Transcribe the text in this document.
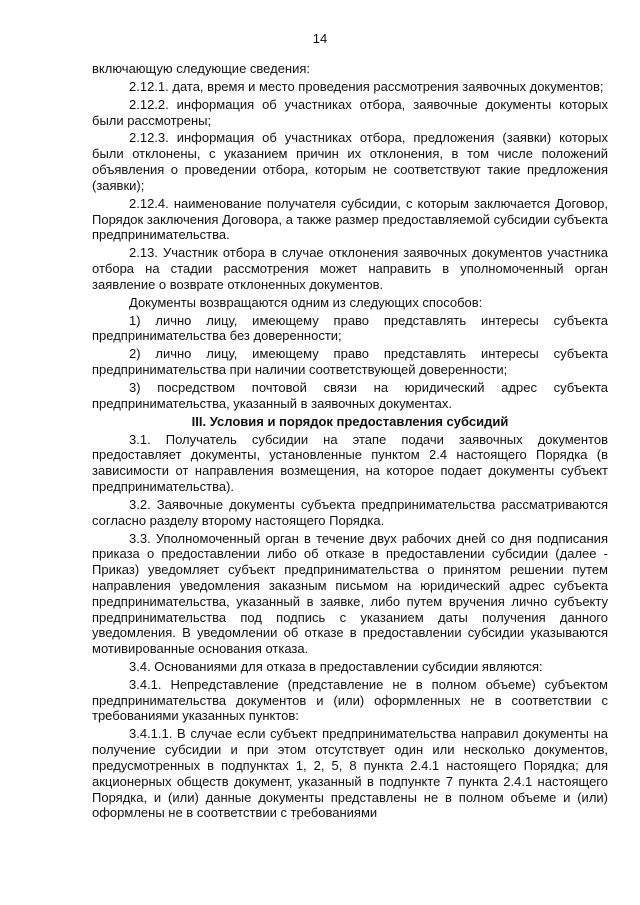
14

включающую следующие сведения:

2.12.1. дата, время и место проведения рассмотрения заявочных документов;

2.12.2. информация об участниках отбора, заявочные документы которых были рассмотрены;

2.12.3. информация об участниках отбора, предложения (заявки) которых были отклонены, с указанием причин их отклонения, в том числе положений объявления о проведении отбора, которым не соответствуют такие предложения (заявки);

2.12.4. наименование получателя субсидии, с которым заключается Договор, Порядок заключения Договора, а также размер предоставляемой субсидии субъекта предпринимательства.

2.13. Участник отбора в случае отклонения заявочных документов участника отбора на стадии рассмотрения может направить в уполномоченный орган заявление о возврате отклоненных документов.

Документы возвращаются одним из следующих способов:

1) лично лицу, имеющему право представлять интересы субъекта предпринимательства без доверенности;

2) лично лицу, имеющему право представлять интересы субъекта предпринимательства при наличии соответствующей доверенности;

3) посредством почтовой связи на юридический адрес субъекта предпринимательства, указанный в заявочных документах.

III. Условия и порядок предоставления субсидий

3.1. Получатель субсидии на этапе подачи заявочных документов предоставляет документы, установленные пунктом 2.4 настоящего Порядка (в зависимости от направления возмещения, на которое подает документы субъект предпринимательства).

3.2. Заявочные документы субъекта предпринимательства рассматриваются согласно разделу второму настоящего Порядка.

3.3. Уполномоченный орган в течение двух рабочих дней со дня подписания приказа о предоставлении либо об отказе в предоставлении субсидии (далее - Приказ) уведомляет субъект предпринимательства о принятом решении путем направления уведомления заказным письмом на юридический адрес субъекта предпринимательства, указанный в заявке, либо путем вручения лично субъекту предпринимательства под подпись с указанием даты получения данного уведомления. В уведомлении об отказе в предоставлении субсидии указываются мотивированные основания отказа.

3.4. Основаниями для отказа в предоставлении субсидии являются:

3.4.1. Непредставление (представление не в полном объеме) субъектом предпринимательства документов и (или) оформленных не в соответствии с требованиями указанных пунктов:

3.4.1.1. В случае если субъект предпринимательства направил документы на получение субсидии и при этом отсутствует один или несколько документов, предусмотренных в подпунктах 1, 2, 5, 8 пункта 2.4.1 настоящего Порядка; для акционерных обществ документ, указанный в подпункте 7 пункта 2.4.1 настоящего Порядка, и (или) данные документы представлены не в полном объеме и (или) оформлены не в соответствии с требованиями
